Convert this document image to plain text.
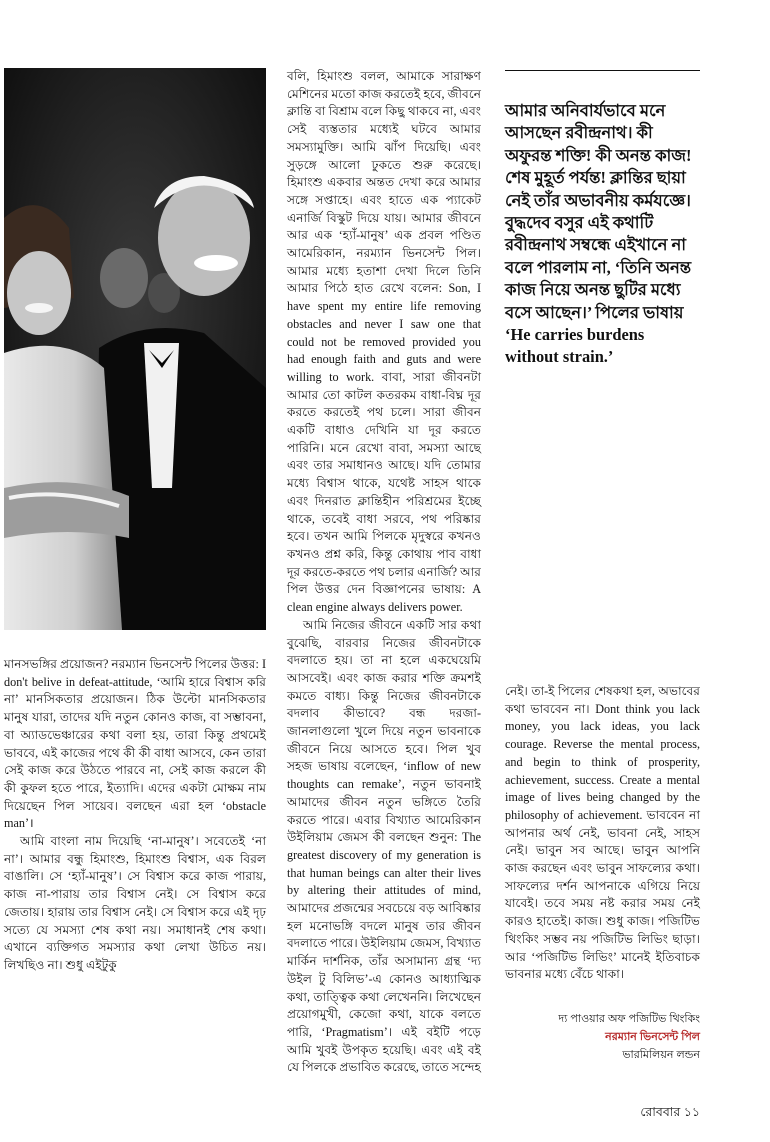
বলি, হিমাংশু বলল, আমাকে সারাক্ষণ মেশিনের মতো কাজ করতেই হবে, জীবনে ক্লান্তি বা বিশ্রাম বলে কিছু থাকবে না, এবং সেই ব্যস্ততার মধ্যেই ঘটবে আমার সমস্যামুক্তি। আমি ঝাঁপ দিয়েছি। এবং সুড়ঙ্গে আলো ঢুকতে শুরু করেছে। হিমাংশু একবার অন্তত দেখা করে আমার সঙ্গে সপ্তাহে। এবং হাতে এক প্যাকেট এনার্জি বিস্কুট দিয়ে যায়। আমার জীবনে আর এক ‘হ্যাঁ-মানুষ’ এক প্রবল পণ্ডিত আমেরিকান, নরম্যান ভিনসেন্ট পিল। আমার মধ্যে হতাশা দেখা দিলে তিনি আমার পিঠে হাত রেখে বলেন: Son, I have spent my entire life removing obstacles and never I saw one that could not be removed provided you had enough faith and guts and were willing to work. বাবা, সারা জীবনটা আমার তো কাটল কতরকম বাধা-বিঘ্ন দূর করতে করতেই পথ চলে। সারা জীবন একটি বাধাও দেখিনি যা দূর করতে পারিনি। মনে রেখো বাবা, সমস্যা আছে এবং তার সমাধানও আছে। যদি তোমার মধ্যে বিশ্বাস থাকে, যথেষ্ট সাহস থাকে এবং দিনরাত ক্লান্তিহীন পরিশ্রমের ইচ্ছে থাকে, তবেই বাধা সরবে, পথ পরিষ্কার হবে। তখন আমি পিলকে মৃদুস্বরে কখনও কখনও প্রশ্ন করি, কিন্তু কোথায় পাব বাধা দূর করতে-করতে পথ চলার এনার্জি? আর পিল উত্তর দেন বিজ্ঞাপনের ভাষায়: A clean engine always delivers power.

আমি নিজের জীবনে একটি সার কথা বুঝেছি, বারবার নিজের জীবনটাকে বদলাতে হয়। তা না হলে একঘেয়েমি আসবেই। এবং কাজ করার শক্তি ক্রমশই কমতে বাধ্য। কিন্তু নিজের জীবনটাকে বদলাব কীভাবে? বন্ধ দরজা-জানলাগুলো খুলে দিয়ে নতুন ভাবনাকে জীবনে নিয়ে আসতে হবে। পিল খুব সহজ ভাষায় বলেছেন, ‘inflow of new thoughts can remake’, নতুন ভাবনাই আমাদের জীবন নতুন ভঙ্গিতে তৈরি করতে পারে। এবার বিখ্যাত আমেরিকান উইলিয়াম জেমস কী বলছেন শুনুন: The greatest discovery of my generation is that human beings can alter their lives by altering their attitudes of mind, আমাদের প্রজন্মের সবচেয়ে বড় আবিষ্কার হল মনোভঙ্গি বদলে মানুষ তার জীবন বদলাতে পারে। উইলিয়াম জেমস, বিখ্যাত মার্কিন দার্শনিক, তাঁর অসামান্য গ্রন্থ ‘দ্য উইল টু বিলিভ’-এ কোনও আধ্যাত্মিক কথা, তাত্ত্বিক কথা লেখেননি। লিখেছেন প্রয়োগমুখী, কেজো কথা, যাকে বলতে পারি, ‘Pragmatism’। এই বইটি পড়ে আমি খুবই উপকৃত হয়েছি। এবং এই বই যে পিলকে প্রভাবিত করেছে, তাতে সন্দেহ

আমার অনিবার্যভাবে মনে আসছেন রবীন্দ্রনাথ। কী অফুরন্ত শক্তি! কী অনন্ত কাজ! শেষ মুহূর্ত পর্যন্ত! ক্লান্তির ছায়া নেই তাঁর অভাবনীয় কর্মযজ্ঞে। বুদ্ধদেব বসুর এই কথাটি রবীন্দ্রনাথ সম্বন্ধে এইখানে না বলে পারলাম না, ‘তিনি অনন্ত কাজ নিয়ে অনন্ত ছুটির মধ্যে বসে আছেন।’ পিলের ভাষায় ‘He carries burdens without strain.’

মানসভঙ্গির প্রয়োজন? নরম্যান ভিনসেন্ট পিলের উত্তর: I don't belive in defeat-attitude, ‘আমি হারে বিশ্বাস করি না’ মানসিকতার প্রয়োজন। ঠিক উল্টো মানসিকতার মানুষ যারা, তাদের যদি নতুন কোনও কাজ, বা সম্ভাবনা, বা অ্যাডভেঞ্চারের কথা বলা হয়, তারা কিন্তু প্রথমেই ভাববে, এই কাজের পথে কী কী বাধা আসবে, কেন তারা সেই কাজ করে উঠতে পারবে না, সেই কাজ করলে কী কী কুফল হতে পারে, ইত্যাদি। এদের একটা মোক্ষম নাম দিয়েছেন পিল সায়েব। বলছেন এরা হল ‘obstacle man’।

আমি বাংলা নাম দিয়েছি ‘না-মানুষ’। সবেতেই ‘না না’। আমার বন্ধু হিমাংশু, হিমাংশু বিশ্বাস, এক বিরল বাঙালি। সে ‘হ্যাঁ-মানুষ’। সে বিশ্বাস করে কাজ পারায়, কাজ না-পারায় তার বিশ্বাস নেই। সে বিশ্বাস করে জেতায়। হারায় তার বিশ্বাস নেই। সে বিশ্বাস করে এই দৃঢ় সত্যে যে সমস্যা শেষ কথা নয়। সমাধানই শেষ কথা। এখানে ব্যক্তিগত সমস্যার কথা লেখা উচিত নয়। লিখছিও না। শুধু এইটুকু

নেই। তা-ই পিলের শেষকথা হল, অভাবের কথা ভাববেন না। Dont think you lack money, you lack ideas, you lack courage. Reverse the mental process, and begin to think of prosperity, achievement, success. Create a mental image of lives being changed by the philosophy of achievement. ভাববেন না আপনার অর্থ নেই, ভাবনা নেই, সাহস নেই। ভাবুন সব আছে। ভাবুন আপনি কাজ করছেন এবং ভাবুন সাফল্যের কথা। সাফল্যের দর্শন আপনাকে এগিয়ে নিয়ে যাবেই। তবে সময় নষ্ট করার সময় নেই কারও হাতেই। কাজ। শুধু কাজ। পজিটিভ থিংকিং সম্ভব নয় পজিটিভ লিভিং ছাড়া। আর ‘পজিটিভ লিভিং’ মানেই ইতিবাচক ভাবনার মধ্যে বেঁচে থাকা।

দ্য পাওয়ার অফ পজিটিভ থিংকিং
নরম্যান ভিনসেন্ট পিল
ভারমিলিয়ন লন্ডন
রোববার ১১
